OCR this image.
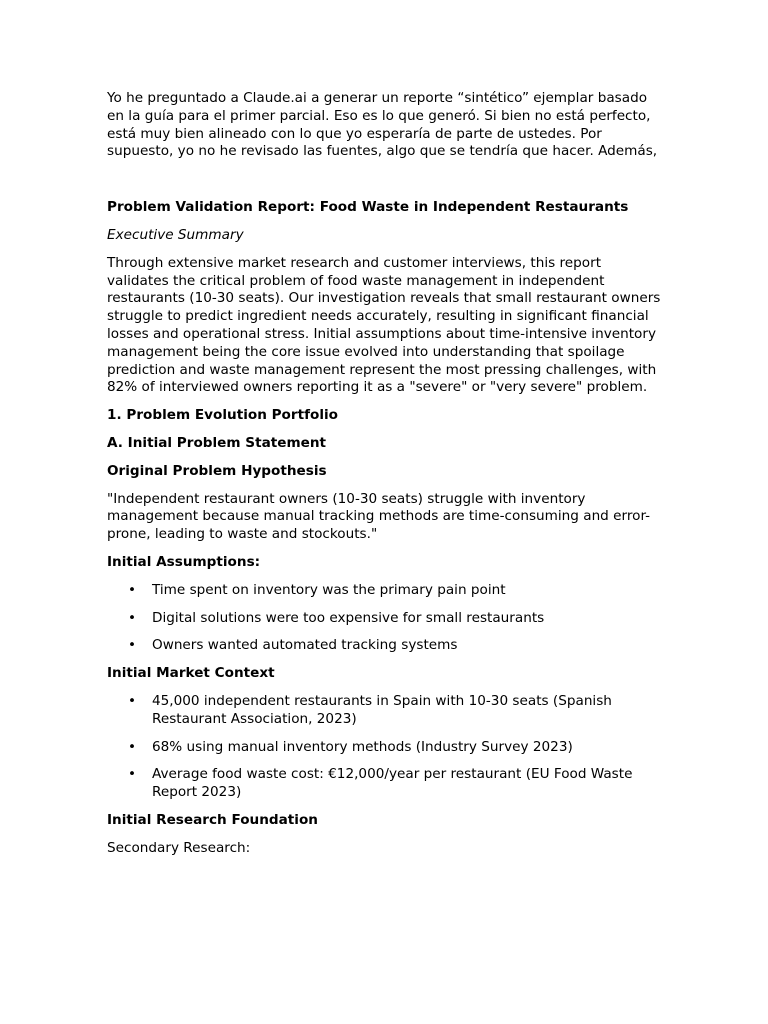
Yo he preguntado a Claude.ai a generar un reporte “sintético” ejemplar basado en la guía para el primer parcial. Eso es lo que generó. Si bien no está perfecto, está muy bien alineado con lo que yo esperaría de parte de ustedes. Por supuesto, yo no he revisado las fuentes, algo que se tendría que hacer. Además,

Problem Validation Report: Food Waste in Independent Restaurants

Executive Summary

Through extensive market research and customer interviews, this report validates the critical problem of food waste management in independent restaurants (10-30 seats). Our investigation reveals that small restaurant owners struggle to predict ingredient needs accurately, resulting in significant financial losses and operational stress. Initial assumptions about time-intensive inventory management being the core issue evolved into understanding that spoilage prediction and waste management represent the most pressing challenges, with 82% of interviewed owners reporting it as a "severe" or "very severe" problem.

1. Problem Evolution Portfolio

A. Initial Problem Statement

Original Problem Hypothesis

"Independent restaurant owners (10-30 seats) struggle with inventory management because manual tracking methods are time-consuming and error-prone, leading to waste and stockouts."

Initial Assumptions:

• Time spent on inventory was the primary pain point
• Digital solutions were too expensive for small restaurants
• Owners wanted automated tracking systems

Initial Market Context

• 45,000 independent restaurants in Spain with 10-30 seats (Spanish Restaurant Association, 2023)
• 68% using manual inventory methods (Industry Survey 2023)
• Average food waste cost: €12,000/year per restaurant (EU Food Waste Report 2023)

Initial Research Foundation

Secondary Research:
